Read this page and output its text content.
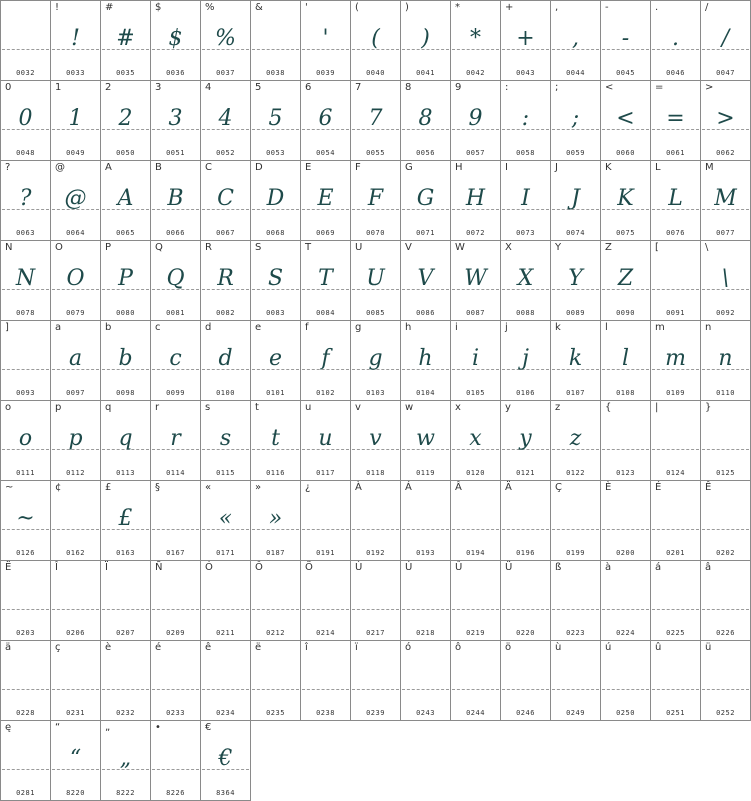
0032
!
!
0033
#
#
0035
$
$
0036
%
%
0037
&
0038
'
'
0039
(
(
0040
)
)
0041
*
*
0042
+
+
0043
,
,
0044
-
-
0045
.
.
0046
/
/
0047
0
0
0048
1
1
0049
2
2
0050
3
3
0051
4
4
0052
5
5
0053
6
6
0054
7
7
0055
8
8
0056
9
9
0057
:
:
0058
;
;
0059
<
<
0060
=
=
0061
>
>
0062
?
?
0063
@
@
0064
A
A
0065
B
B
0066
C
C
0067
D
D
0068
E
E
0069
F
F
0070
G
G
0071
H
H
0072
I
I
0073
J
J
0074
K
K
0075
L
L
0076
M
M
0077
N
N
0078
O
O
0079
P
P
0080
Q
Q
0081
R
R
0082
S
S
0083
T
T
0084
U
U
0085
V
V
0086
W
W
0087
X
X
0088
Y
Y
0089
Z
Z
0090
[
0091
\
\
0092
]
0093
a
a
0097
b
b
0098
c
c
0099
d
d
0100
e
e
0101
f
f
0102
g
g
0103
h
h
0104
i
i
0105
j
j
0106
k
k
0107
l
l
0108
m
m
0109
n
n
0110
o
o
0111
p
p
0112
q
q
0113
r
r
0114
s
s
0115
t
t
0116
u
u
0117
v
v
0118
w
w
0119
x
x
0120
y
y
0121
z
z
0122
{
0123
|
0124
}
0125
~
~
0126
¢
0162
£
£
0163
§
0167
«
«
0171
»
»
0187
¿
0191
À
0192
Á
0193
Â
0194
Ä
0196
Ç
0199
È
0200
É
0201
Ê
0202
Ë
0203
Î
0206
Ï
0207
Ñ
0209
Ó
0211
Ô
0212
Ö
0214
Ù
0217
Ú
0218
Û
0219
Ü
0220
ß
0223
à
0224
á
0225
â
0226
ä
0228
ç
0231
è
0232
é
0233
ê
0234
ë
0235
î
0238
ï
0239
ó
0243
ô
0244
ö
0246
ù
0249
ú
0250
û
0251
ü
0252
ę
0281
“
“
8220
„
„
8222
•
8226
€
€
8364
